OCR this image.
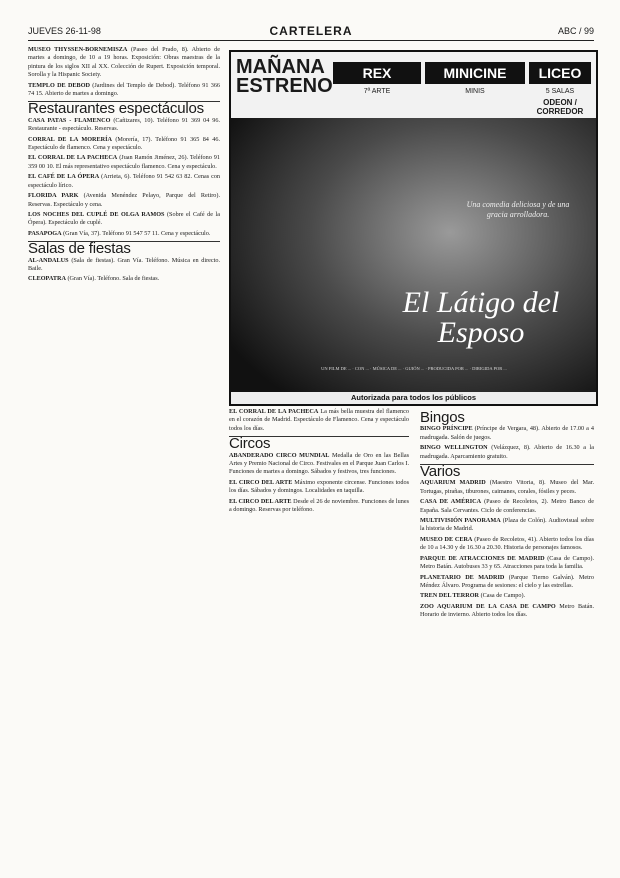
JUEVES 26-11-98	CARTELERA	ABC / 99

MUSEO THYSSEN-BORNEMISZA (Paseo del Prado, 8). Abierto de martes a domingo, de 10 a 19 horas. Exposición: Obras maestras de la pintura de los siglos XII al XX. Colección de Rupert. Exposición temporal. Sorolla y la Hispanic Society.

TEMPLO DE DEBOD (Jardines del Templo de Debod). Teléfono 91 366 74 15. Abierto de martes a domingo.

Restaurantes espectáculos

CASA PATAS - FLAMENCO (Cañizares, 10). Teléfono 91 369 04 96. Restaurante - espectáculo. Reservas.

CORRAL DE LA MORERÍA (Morería, 17). Teléfono 91 365 84 46. Espectáculo de flamenco. Cena y espectáculo.

EL CORRAL DE LA PACHECA (Juan Ramón Jiménez, 26). Teléfono 91 359 00 10. El más representativo espectáculo flamenco. Cena y espectáculo.

EL CAFÉ DE LA ÓPERA (Arrieta, 6). Teléfono 91 542 63 82. Cenas con espectáculo lírico.

FLORIDA PARK (Avenida Menéndez Pelayo, Parque del Retiro). Reservas. Espectáculo y cena.

LOS NOCHES DEL CUPLÉ DE OLGA RAMOS (Sobre el Café de la Ópera). Espectáculo de cuplé.

PASAPOGA (Gran Vía, 37). Teléfono 91 547 57 11. Cena y espectáculo.

Salas de fiestas

AL-ANDALUS (Sala de fiestas). Gran Vía. Teléfono. Música en directo. Baile.

CLEOPATRA (Gran Vía). Teléfono. Sala de fiestas.

MAÑANA ESTRENO
REX	MINICINE	LICEO
7ª ARTE	MINIS	5 SALAS
ODEON / CORREDOR
Una comedia deliciosa y de una gracia arrolladora.
El Látigo del Esposo
UN FILM DE ... · CON ... · MÚSICA DE ... · GUIÓN ... · PRODUCIDA POR ... · DIRIGIDA POR ...
Autorizada para todos los públicos

EL CORRAL DE LA PACHECA La más bella muestra del flamenco en el corazón de Madrid. Espectáculo de Flamenco. Cena y espectáculo todos los días.

Circos

ABANDERADO CIRCO MUNDIAL Medalla de Oro en las Bellas Artes y Premio Nacional de Circo. Festivales en el Parque Juan Carlos I. Funciones de martes a domingo. Sábados y festivos, tres funciones.

EL CIRCO DEL ARTE Máximo exponente circense. Funciones todos los días. Sábados y domingos. Localidades en taquilla.

EL CIRCO DEL ARTE Desde el 26 de noviembre. Funciones de lunes a domingo. Reservas por teléfono.

Bingos

BINGO PRÍNCIPE (Príncipe de Vergara, 48). Abierto de 17.00 a 4 madrugada. Salón de juegos.

BINGO WELLINGTON (Velázquez, 8). Abierto de 16.30 a la madrugada. Aparcamiento gratuito.

Varios

AQUARIUM MADRID (Maestro Vitoria, 8). Museo del Mar. Tortugas, pirañas, tiburones, caimanes, corales, fósiles y peces.

CASA DE AMÉRICA (Paseo de Recoletos, 2). Metro Banco de España. Sala Cervantes. Ciclo de conferencias.

MULTIVISIÓN PANORAMA (Plaza de Colón). Audiovisual sobre la historia de Madrid.

MUSEO DE CERA (Paseo de Recoletos, 41). Abierto todos los días de 10 a 14.30 y de 16.30 a 20.30. Historia de personajes famosos.

PARQUE DE ATRACCIONES DE MADRID (Casa de Campo). Metro Batán. Autobuses 33 y 65. Atracciones para toda la familia.

PLANETARIO DE MADRID (Parque Tierno Galván). Metro Méndez Álvaro. Programa de sesiones: el cielo y las estrellas.

TREN DEL TERROR (Casa de Campo).

ZOO AQUARIUM DE LA CASA DE CAMPO Metro Batán. Horario de invierno. Abierto todos los días.
